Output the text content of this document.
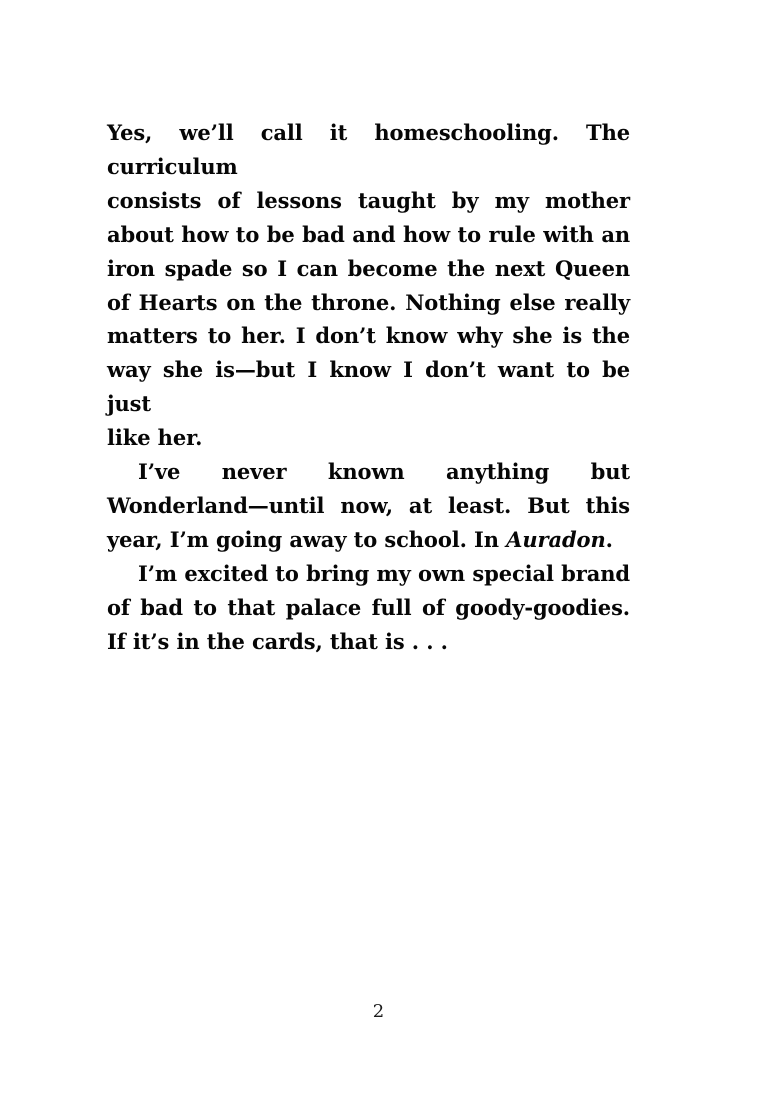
Yes, we’ll call it homeschooling. The curriculum
consists of lessons taught by my mother
about how to be bad and how to rule with an
iron spade so I can become the next Queen
of Hearts on the throne. Nothing else really
matters to her. I don’t know why she is the
way she is—but I know I don’t want to be just
like her.
I’ve never known anything but
Wonderland—until now, at least. But this
year, I’m going away to school. In Auradon.
I’m excited to bring my own special brand
of bad to that palace full of goody-goodies.
If it’s in the cards, that is . . .
2
